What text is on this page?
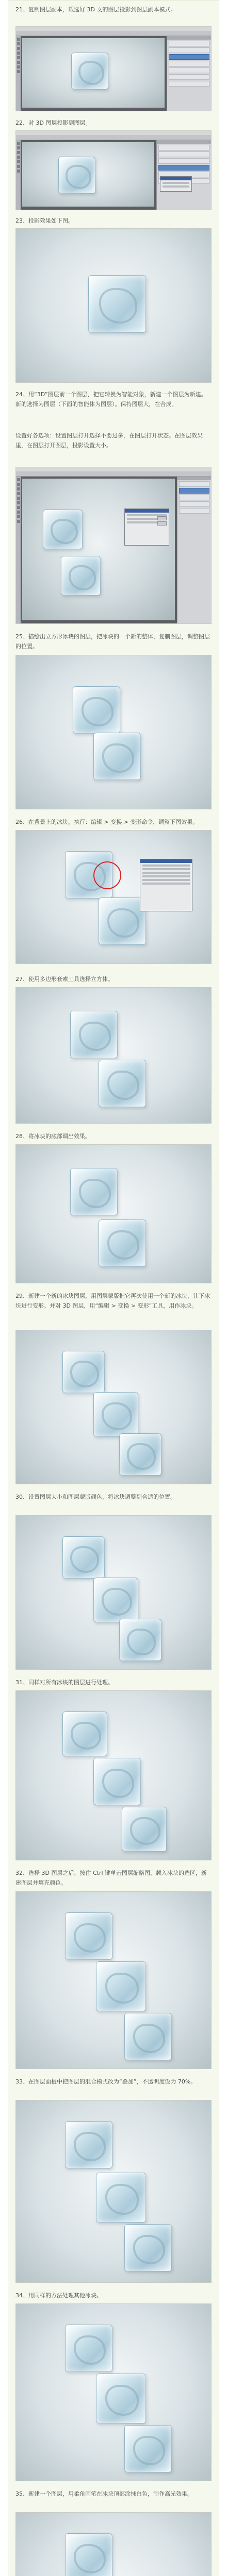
21、复制图层副本，载选好 3D 文的图层投影到图层副本模式。
22、对 3D 图层投影到图层。
23、投影效果如下图。
24、用“3D”图层前一个图层，把它转换为智能对象，新建一个图层为新建。新的选择为图层（下面的智能体为图层）。保持图层大，在合成。
设置好各选项：设置图层打开选择不要过多，在图层打开状态。在图层效果里，在图层打开图层，投影设置大小。
25、描绘出立方形冰块的图层，把冰块的一个新的整体，复制图层，调整图层的位置。
26、在背景上的冰块，执行：编辑 > 变换 > 变形命令，调整下图效果。
27、使用多边形套索工具选择立方体。
28、将冰块的底部调出效果。
29、新建一个新的冰块图层，用图层蒙版把它再次使用一个新的冰块，让下冰块进行变形。并对 3D 图层，用“编辑 > 变换 > 变形”工具，用作冰块。
30、设置图层大小和图层蒙版颜色，将冰块调整到合适的位置。
31、同样对所有冰块的图层进行处理。
32、选择 3D 图层之后，按住 Ctrl 键单击图层缩略图，载入冰块的选区，新建图层并填充颜色。
33、在图层面板中把图层的混合模式改为“叠加”，不透明度设为 70%。
34、用同样的方法处理其他冰块。
35、新建一个图层，用柔角画笔在冰块顶部涂抹白色，制作高光效果。
